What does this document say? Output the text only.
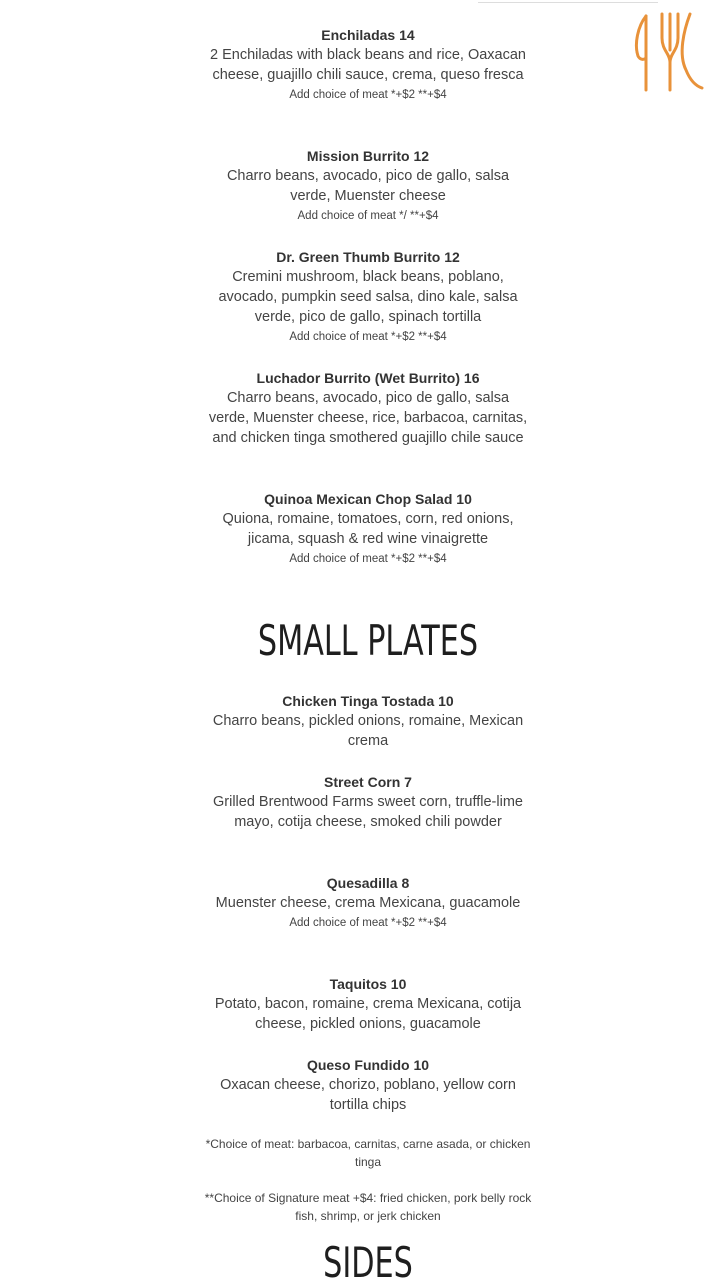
Enchiladas 14
2 Enchiladas with black beans and rice, Oaxacan cheese, guajillo chili sauce, crema, queso fresca
Add choice of meat *+$2 **+$4
Mission Burrito 12
Charro beans, avocado, pico de gallo, salsa verde, Muenster cheese
Add choice of meat */ **+$4
Dr. Green Thumb Burrito 12
Cremini mushroom, black beans, poblano, avocado, pumpkin seed salsa, dino kale, salsa verde, pico de gallo, spinach tortilla
Add choice of meat *+$2 **+$4
Luchador Burrito (Wet Burrito) 16
Charro beans, avocado, pico de gallo, salsa verde, Muenster cheese, rice, barbacoa, carnitas, and chicken tinga smothered guajillo chile sauce
Quinoa Mexican Chop Salad 10
Quiona, romaine, tomatoes, corn, red onions, jicama, squash & red wine vinaigrette
Add choice of meat *+$2 **+$4
SMALL PLATES
Chicken Tinga Tostada 10
Charro beans, pickled onions, romaine, Mexican crema
Street Corn 7
Grilled Brentwood Farms sweet corn, truffle-lime mayo, cotija cheese, smoked chili powder
Quesadilla 8
Muenster cheese, crema Mexicana, guacamole
Add choice of meat *+$2 **+$4
Taquitos 10
Potato, bacon, romaine, crema Mexicana, cotija cheese, pickled onions, guacamole
Queso Fundido 10
Oxacan cheese, chorizo, poblano, yellow corn tortilla chips
*Choice of meat: barbacoa, carnitas, carne asada, or chicken tinga
**Choice of Signature meat +$4: fried chicken, pork belly rock fish, shrimp, or jerk chicken
SIDES
